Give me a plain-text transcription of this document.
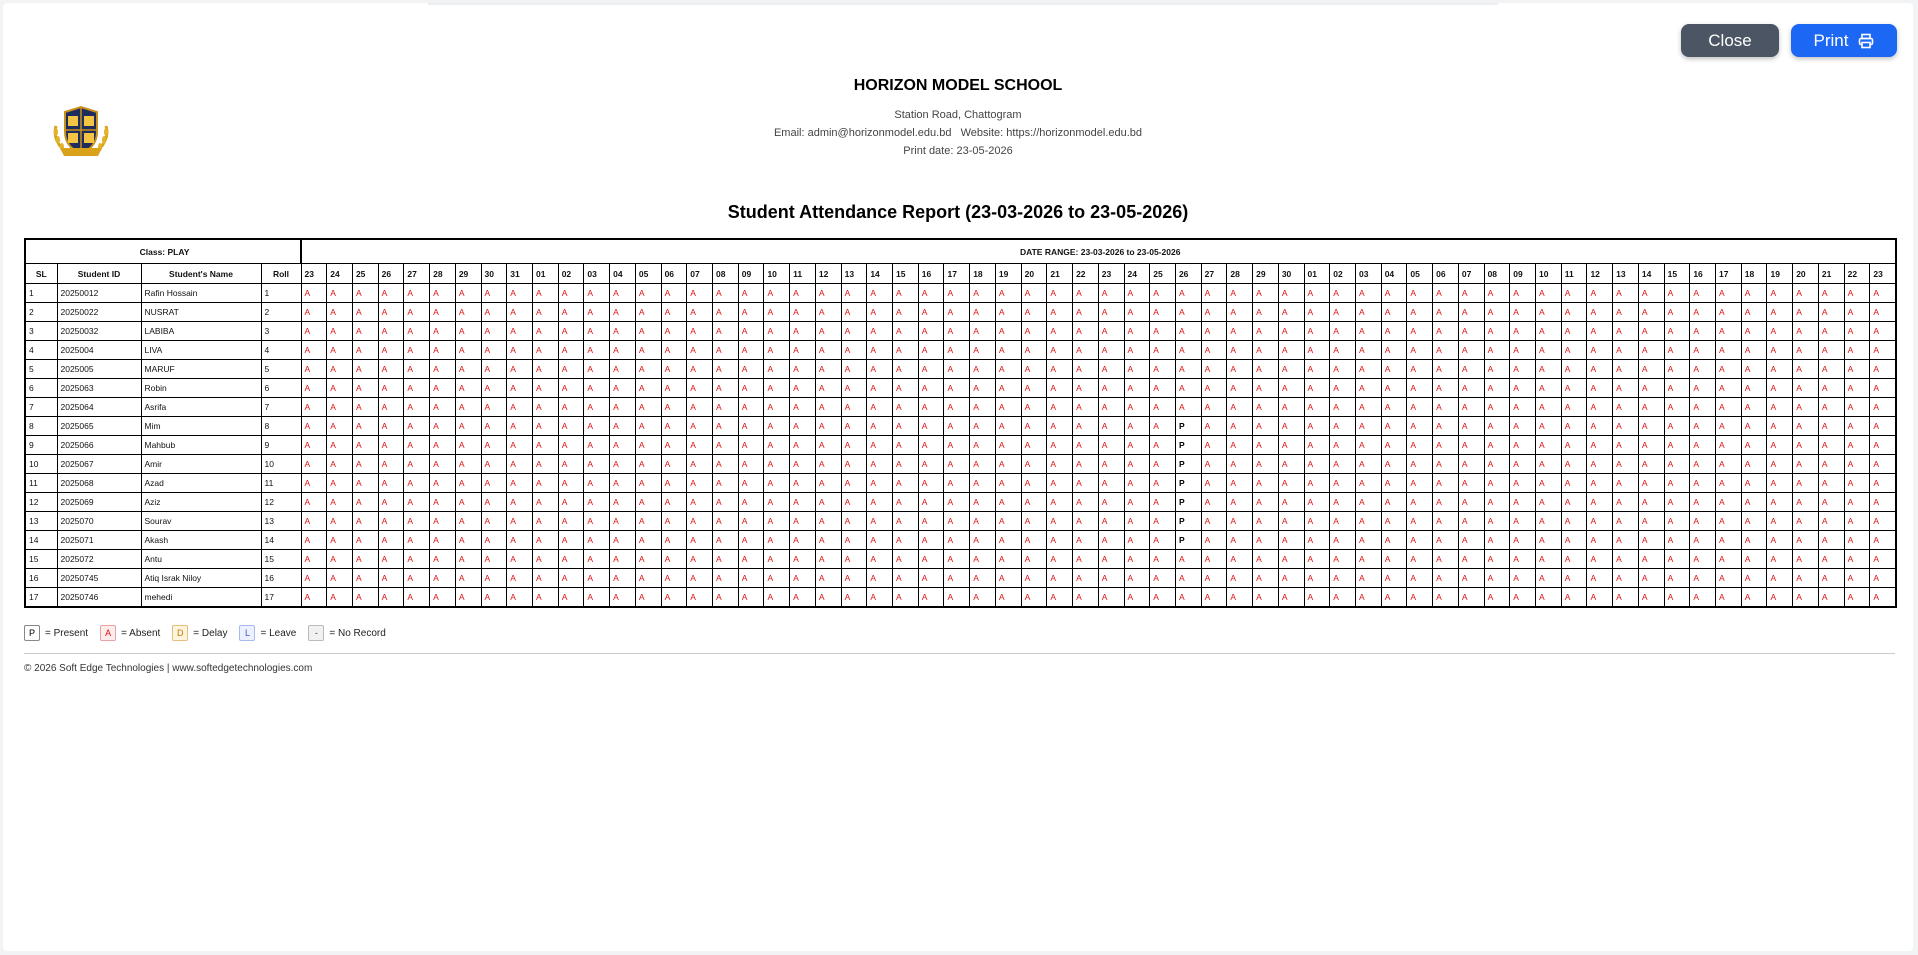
Close	Print
HORIZON MODEL SCHOOL
Station Road, Chattogram
Email: admin@horizonmodel.edu.bd   Website: https://horizonmodel.edu.bd
Print date: 23-05-2026
Student Attendance Report (23-03-2026 to 23-05-2026)
Class: PLAY	DATE RANGE: 23-03-2026 to 23-05-2026
SL	Student ID	Student's Name	Roll	23	24	25	26	27	28	29	30	31	01	02	03	04	05	06	07	08	09	10	11	12	13	14	15	16	17	18	19	20	21	22	23	24	25	26	27	28	29	30	01	02	03	04	05	06	07	08	09	10	11	12	13	14	15	16	17	18	19	20	21	22	23
1	20250012	Rafin Hossain	1	A	A	A	A	A	A	A	A	A	A	A	A	A	A	A	A	A	A	A	A	A	A	A	A	A	A	A	A	A	A	A	A	A	A	A	A	A	A	A	A	A	A	A	A	A	A	A	A	A	A	A	A	A	A	A	A	A	A	A	A	A	A
2	20250022	NUSRAT	2	A	A	A	A	A	A	A	A	A	A	A	A	A	A	A	A	A	A	A	A	A	A	A	A	A	A	A	A	A	A	A	A	A	A	A	A	A	A	A	A	A	A	A	A	A	A	A	A	A	A	A	A	A	A	A	A	A	A	A	A	A	A
3	20250032	LABIBA	3	A	A	A	A	A	A	A	A	A	A	A	A	A	A	A	A	A	A	A	A	A	A	A	A	A	A	A	A	A	A	A	A	A	A	A	A	A	A	A	A	A	A	A	A	A	A	A	A	A	A	A	A	A	A	A	A	A	A	A	A	A	A
4	2025004	LIVA	4	A	A	A	A	A	A	A	A	A	A	A	A	A	A	A	A	A	A	A	A	A	A	A	A	A	A	A	A	A	A	A	A	A	A	A	A	A	A	A	A	A	A	A	A	A	A	A	A	A	A	A	A	A	A	A	A	A	A	A	A	A	A
5	2025005	MARUF	5	A	A	A	A	A	A	A	A	A	A	A	A	A	A	A	A	A	A	A	A	A	A	A	A	A	A	A	A	A	A	A	A	A	A	A	A	A	A	A	A	A	A	A	A	A	A	A	A	A	A	A	A	A	A	A	A	A	A	A	A	A	A
6	2025063	Robin	6	A	A	A	A	A	A	A	A	A	A	A	A	A	A	A	A	A	A	A	A	A	A	A	A	A	A	A	A	A	A	A	A	A	A	A	A	A	A	A	A	A	A	A	A	A	A	A	A	A	A	A	A	A	A	A	A	A	A	A	A	A	A
7	2025064	Asrifa	7	A	A	A	A	A	A	A	A	A	A	A	A	A	A	A	A	A	A	A	A	A	A	A	A	A	A	A	A	A	A	A	A	A	A	A	A	A	A	A	A	A	A	A	A	A	A	A	A	A	A	A	A	A	A	A	A	A	A	A	A	A	A
8	2025065	Mim	8	A	A	A	A	A	A	A	A	A	A	A	A	A	A	A	A	A	A	A	A	A	A	A	A	A	A	A	A	A	A	A	A	A	A	P	A	A	A	A	A	A	A	A	A	A	A	A	A	A	A	A	A	A	A	A	A	A	A	A	A	A	A
9	2025066	Mahbub	9	A	A	A	A	A	A	A	A	A	A	A	A	A	A	A	A	A	A	A	A	A	A	A	A	A	A	A	A	A	A	A	A	A	A	P	A	A	A	A	A	A	A	A	A	A	A	A	A	A	A	A	A	A	A	A	A	A	A	A	A	A	A
10	2025067	Amir	10	A	A	A	A	A	A	A	A	A	A	A	A	A	A	A	A	A	A	A	A	A	A	A	A	A	A	A	A	A	A	A	A	A	A	P	A	A	A	A	A	A	A	A	A	A	A	A	A	A	A	A	A	A	A	A	A	A	A	A	A	A	A
11	2025068	Azad	11	A	A	A	A	A	A	A	A	A	A	A	A	A	A	A	A	A	A	A	A	A	A	A	A	A	A	A	A	A	A	A	A	A	A	P	A	A	A	A	A	A	A	A	A	A	A	A	A	A	A	A	A	A	A	A	A	A	A	A	A	A	A
12	2025069	Aziz	12	A	A	A	A	A	A	A	A	A	A	A	A	A	A	A	A	A	A	A	A	A	A	A	A	A	A	A	A	A	A	A	A	A	A	P	A	A	A	A	A	A	A	A	A	A	A	A	A	A	A	A	A	A	A	A	A	A	A	A	A	A	A
13	2025070	Sourav	13	A	A	A	A	A	A	A	A	A	A	A	A	A	A	A	A	A	A	A	A	A	A	A	A	A	A	A	A	A	A	A	A	A	A	P	A	A	A	A	A	A	A	A	A	A	A	A	A	A	A	A	A	A	A	A	A	A	A	A	A	A	A
14	2025071	Akash	14	A	A	A	A	A	A	A	A	A	A	A	A	A	A	A	A	A	A	A	A	A	A	A	A	A	A	A	A	A	A	A	A	A	A	P	A	A	A	A	A	A	A	A	A	A	A	A	A	A	A	A	A	A	A	A	A	A	A	A	A	A	A
15	2025072	Antu	15	A	A	A	A	A	A	A	A	A	A	A	A	A	A	A	A	A	A	A	A	A	A	A	A	A	A	A	A	A	A	A	A	A	A	A	A	A	A	A	A	A	A	A	A	A	A	A	A	A	A	A	A	A	A	A	A	A	A	A	A	A	A
16	20250745	Atiq Israk Niloy	16	A	A	A	A	A	A	A	A	A	A	A	A	A	A	A	A	A	A	A	A	A	A	A	A	A	A	A	A	A	A	A	A	A	A	A	A	A	A	A	A	A	A	A	A	A	A	A	A	A	A	A	A	A	A	A	A	A	A	A	A	A	A
17	20250746	mehedi	17	A	A	A	A	A	A	A	A	A	A	A	A	A	A	A	A	A	A	A	A	A	A	A	A	A	A	A	A	A	A	A	A	A	A	A	A	A	A	A	A	A	A	A	A	A	A	A	A	A	A	A	A	A	A	A	A	A	A	A	A	A	A
P	= Present	A	= Absent	D = Delay	L	= Leave	-	= No Record
© 2026 Soft Edge Technologies | www.softedgetechnologies.com
